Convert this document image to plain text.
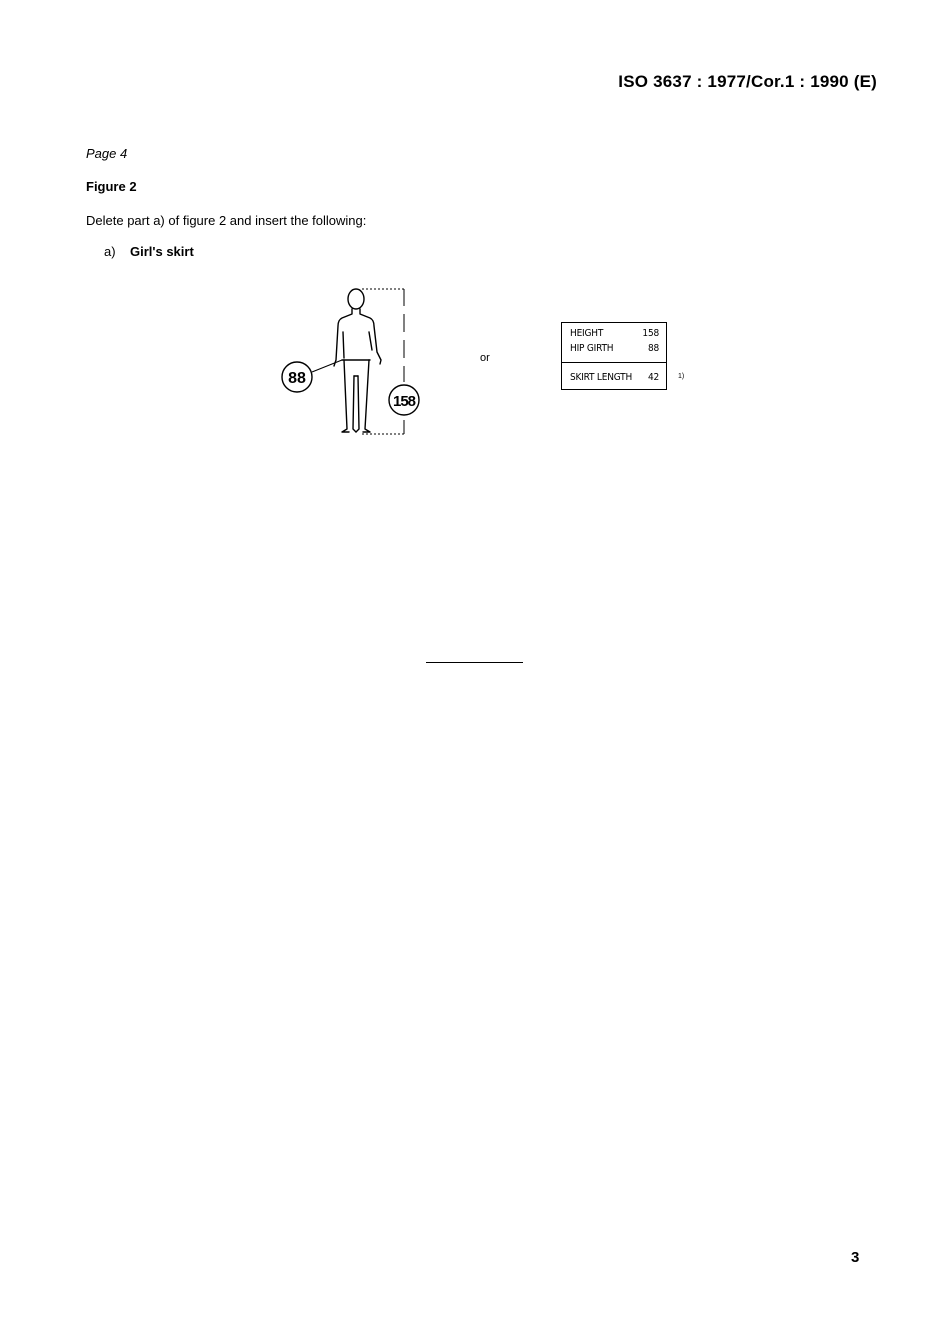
ISO 3637 : 1977/Cor.1 : 1990 (E)
Page 4
Figure 2
Delete part a) of figure 2 and insert the following:
a) Girl's skirt
88
158
or
HEIGHT	158
HIP GIRTH	88
SKIRT LENGTH 42	1)
3
